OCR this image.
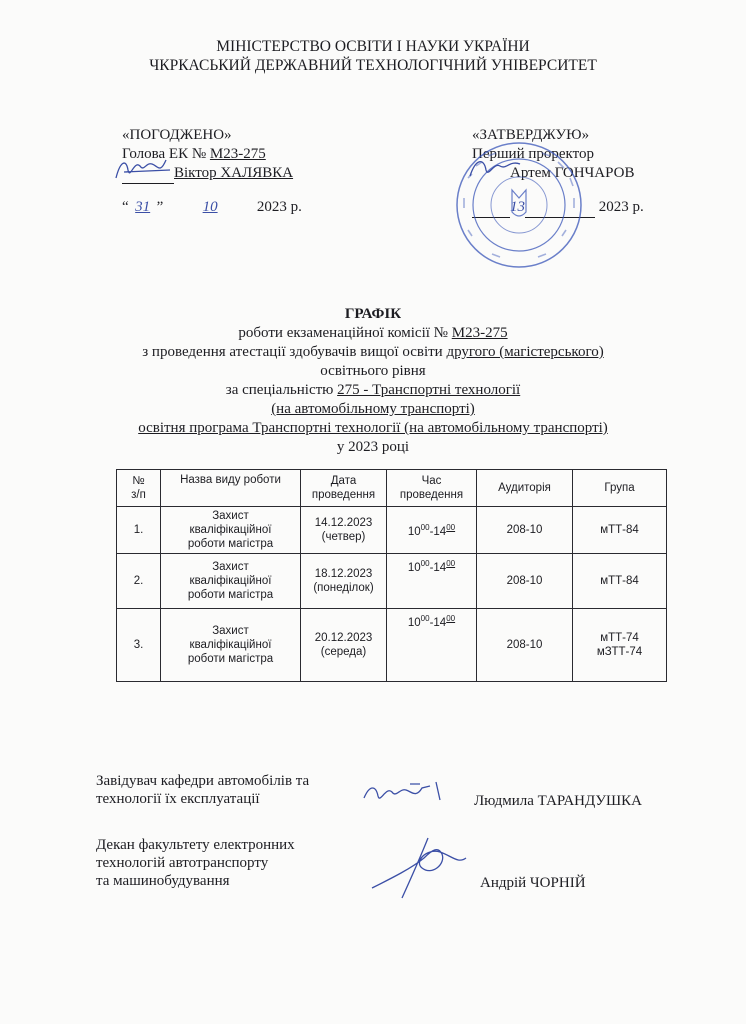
МІНІСТЕРСТВО ОСВІТИ І НАУКИ УКРАЇНИ
ЧКРКАСЬКИЙ ДЕРЖАВНИЙ ТЕХНОЛОГІЧНИЙ УНІВЕРСИТЕТ
«ПОГОДЖЕНО»
Голова ЕК № М23-275
Віктор ХАЛЯВКА
“ 31 ”	10	2023 р.
«ЗАТВЕРДЖУЮ»
Перший проректор
Артем ГОНЧАРОВ
13	2023 р.
ГРАФІК
роботи екзаменаційної комісії № М23-275
з проведення атестації здобувачів вищої освіти другого (магістерського)
освітнього рівня
за спеціальністю 275 - Транспортні технології
(на автомобільному транспорті)
освітня програма Транспортні технології (на автомобільному транспорті)
у 2023 році
№
з/п	Назва виду роботи	Дата
проведення	Час
проведення	Аудиторія	Група
1.	Захист
кваліфікаційної
роботи магістра	14.12.2023
(четвер)	$10^{00}-14^{00}$	208-10	мТТ-84
2.	Захист
кваліфікаційної
роботи магістра	18.12.2023
(понеділок)	$10^{00}-14^{00}$	208-10	мТТ-84
3.	Захист
кваліфікаційної
роботи магістра	20.12.2023
(середа)	$10^{00}-14^{00}$	208-10	мТТ-74
мЗТТ-74
Завідувач кафедри автомобілів та
технології їх експлуатації	Людмила ТАРАНДУШКА
Декан факультету електронних
технологій автотранспорту
та машинобудування	Андрій ЧОРНІЙ
